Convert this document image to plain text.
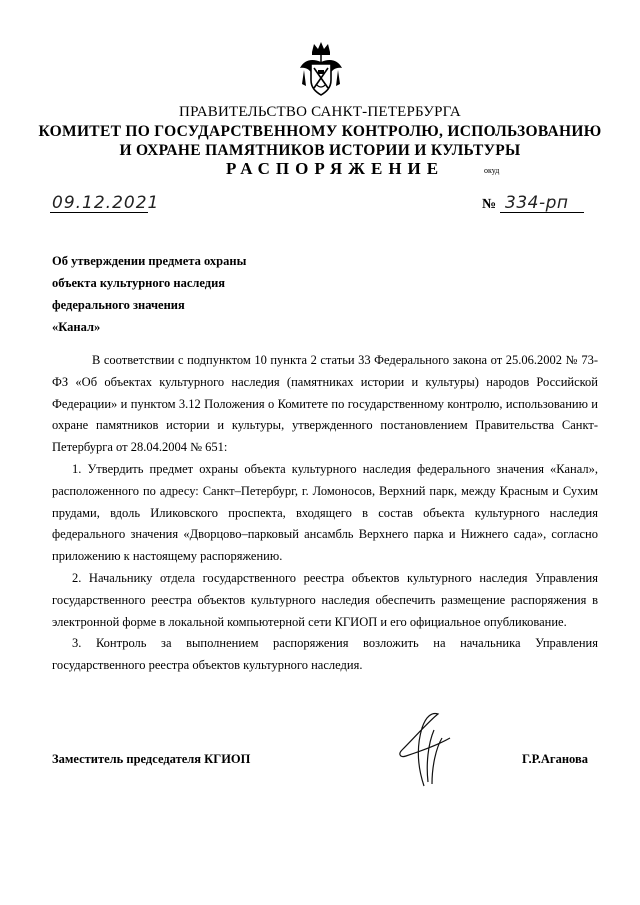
ПРАВИТЕЛЬСТВО САНКТ-ПЕТЕРБУРГА
КОМИТЕТ ПО ГОСУДАРСТВЕННОМУ КОНТРОЛЮ, ИСПОЛЬЗОВАНИЮ
И ОХРАНЕ ПАМЯТНИКОВ ИСТОРИИ И КУЛЬТУРЫ
РАСПОРЯЖЕНИЕ	окуд
09.12.2021	№ 334-рп
Об утверждении предмета охраны
объекта культурного наследия
федерального значения
«Канал»

В соответствии с подпунктом 10 пункта 2 статьи 33 Федерального закона от 25.06.2002 № 73-ФЗ «Об объектах культурного наследия (памятниках истории и культуры) народов Российской Федерации» и пунктом 3.12 Положения о Комитете по государственному контролю, использованию и охране памятников истории и культуры, утвержденного постановлением Правительства Санкт-Петербурга от 28.04.2004 № 651:

1. Утвердить предмет охраны объекта культурного наследия федерального значения «Канал», расположенного по адресу: Санкт–Петербург, г. Ломоносов, Верхний парк, между Красным и Сухим прудами, вдоль Иликовского проспекта, входящего в состав объекта культурного наследия федерального значения «Дворцово–парковый ансамбль Верхнего парка и Нижнего сада», согласно приложению к настоящему распоряжению.

2. Начальнику отдела государственного реестра объектов культурного наследия Управления государственного реестра объектов культурного наследия обеспечить размещение распоряжения в электронной форме в локальной компьютерной сети КГИОП и его официальное опубликование.

3. Контроль за выполнением распоряжения возложить на начальника Управления государственного реестра объектов культурного наследия.

Заместитель председателя КГИОП	Г.Р.Аганова
